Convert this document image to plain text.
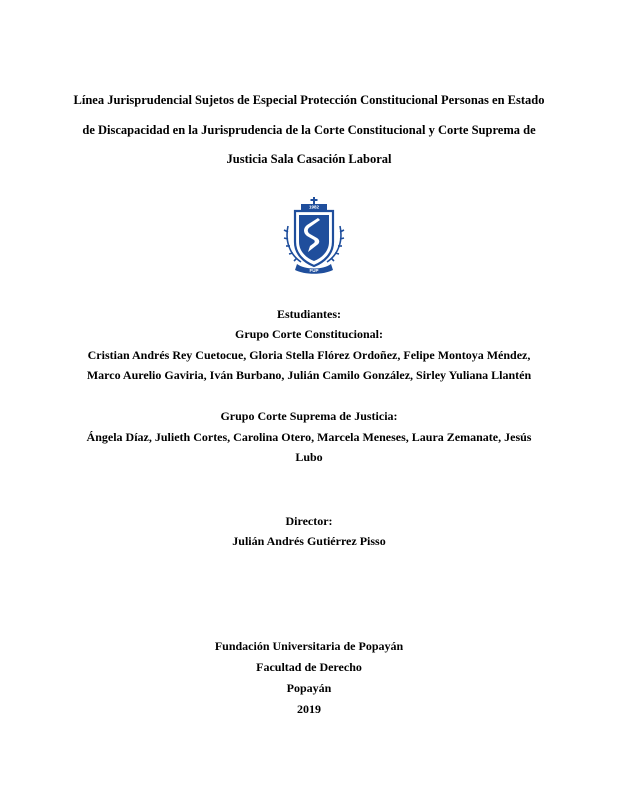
Línea Jurisprudencial Sujetos de Especial Protección Constitucional Personas en Estado
de Discapacidad en la Jurisprudencia de la Corte Constitucional y Corte Suprema de
Justicia Sala Casación Laboral
1982
FUP
Estudiantes:
Grupo Corte Constitucional:
Cristian Andrés Rey Cuetocue, Gloria Stella Flórez Ordoñez, Felipe Montoya Méndez,
Marco Aurelio Gaviria, Iván Burbano, Julián Camilo González, Sirley Yuliana Llantén
Grupo Corte Suprema de Justicia:
Ángela Díaz, Julieth Cortes, Carolina Otero, Marcela Meneses, Laura Zemanate, Jesús
Lubo
Director:
Julián Andrés Gutiérrez Pisso
Fundación Universitaria de Popayán
Facultad de Derecho
Popayán
2019
